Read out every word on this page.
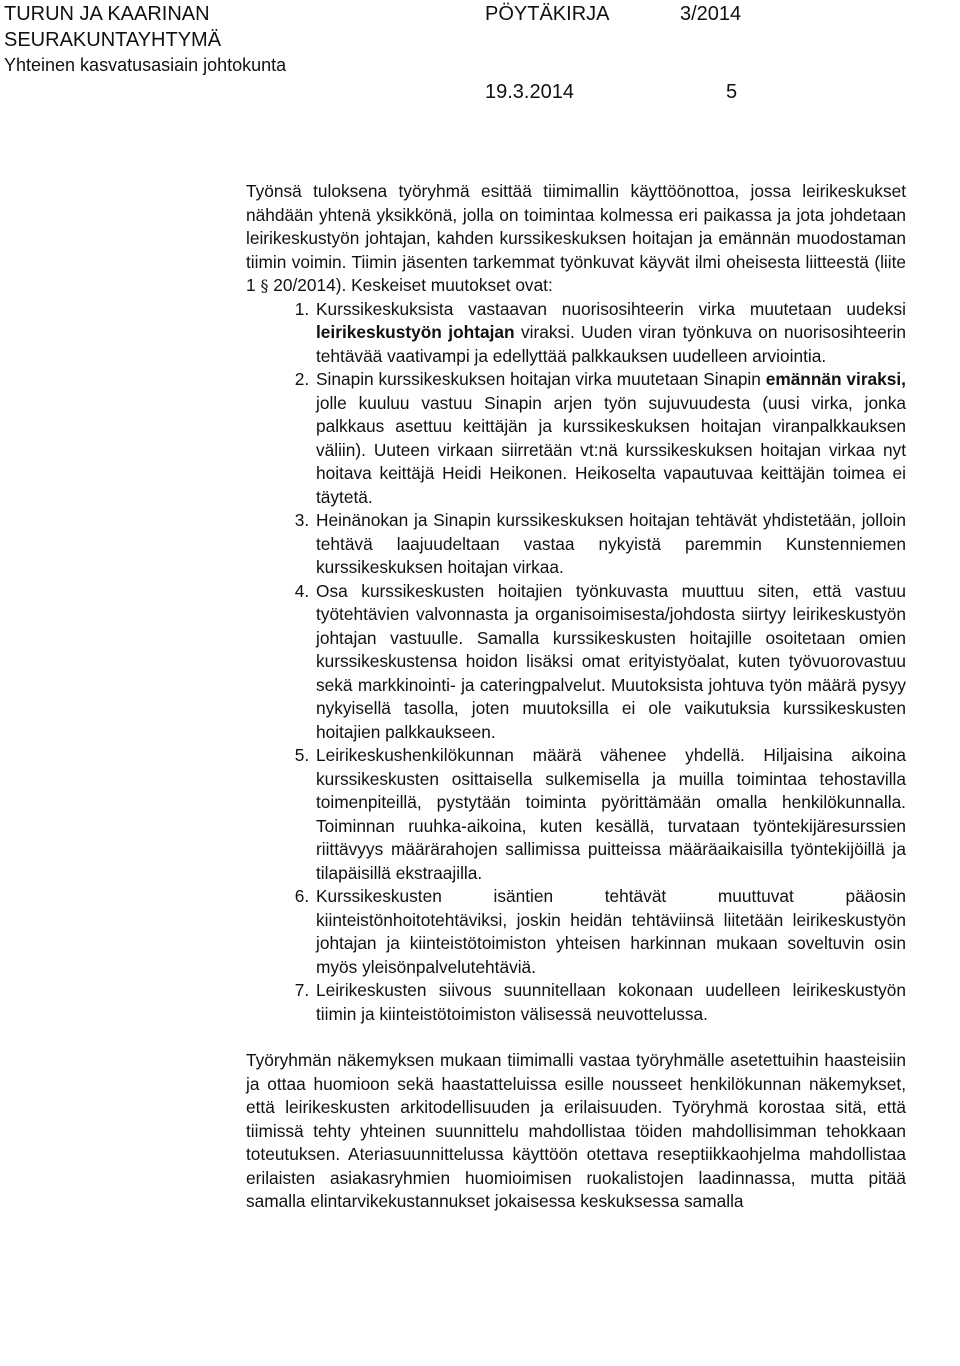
TURUN JA KAARINAN
SEURAKUNTAYHTYMÄ
Yhteinen kasvatusasiain johtokunta
PÖYTÄKIRJA	3/2014
19.3.2014	5

Työnsä tuloksena työryhmä esittää tiimimallin käyttöönottoa, jossa leirikeskukset nähdään yhtenä yksikkönä, jolla on toimintaa kolmessa eri paikassa ja jota johdetaan leirikeskustyön johtajan, kahden kurssikeskuksen hoitajan ja emännän muodostaman tiimin voimin. Tiimin jäsenten tarkemmat työnkuvat käyvät ilmi oheisesta liitteestä (liite 1 § 20/2014). Keskeiset muutokset ovat:

1. Kurssikeskuksista vastaavan nuorisosihteerin virka muutetaan uudeksi leirikeskustyön johtajan viraksi. Uuden viran työnkuva on nuorisosihteerin tehtävää vaativampi ja edellyttää palkkauksen uudelleen arviointia.
2. Sinapin kurssikeskuksen hoitajan virka muutetaan Sinapin emännän viraksi, jolle kuuluu vastuu Sinapin arjen työn sujuvuudesta (uusi virka, jonka palkkaus asettuu keittäjän ja kurssikeskuksen hoitajan viranpalkkauksen väliin). Uuteen virkaan siirretään vt:nä kurssikeskuksen hoitajan virkaa nyt hoitava keittäjä Heidi Heikonen. Heikoselta vapautuvaa keittäjän toimea ei täytetä.
3. Heinänokan ja Sinapin kurssikeskuksen hoitajan tehtävät yhdistetään, jolloin tehtävä laajuudeltaan vastaa nykyistä paremmin Kunstenniemen kurssikeskuksen hoitajan virkaa.
4. Osa kurssikeskusten hoitajien työnkuvasta muuttuu siten, että vastuu työtehtävien valvonnasta ja organisoimisesta/johdosta siirtyy leirikeskustyön johtajan vastuulle. Samalla kurssikeskusten hoitajille osoitetaan omien kurssikeskustensa hoidon lisäksi omat erityistyöalat, kuten työvuorovastuu sekä markkinointi- ja cateringpalvelut. Muutoksista johtuva työn määrä pysyy nykyisellä tasolla, joten muutoksilla ei ole vaikutuksia kurssikeskusten hoitajien palkkaukseen.
5. Leirikeskushenkilökunnan määrä vähenee yhdellä. Hiljaisina aikoina kurssikeskusten osittaisella sulkemisella ja muilla toimintaa tehostavilla toimenpiteillä, pystytään toiminta pyörittämään omalla henkilökunnalla. Toiminnan ruuhka-aikoina, kuten kesällä, turvataan työntekijäresurssien riittävyys määrärahojen sallimissa puitteissa määräaikaisilla työntekijöillä ja tilapäisillä ekstraajilla.
6. Kurssikeskusten isäntien tehtävät muuttuvat pääosin kiinteistönhoitotehtäviksi, joskin heidän tehtäviinsä liitetään leirikeskustyön johtajan ja kiinteistötoimiston yhteisen harkinnan mukaan soveltuvin osin myös yleisönpalvelutehtäviä.
7. Leirikeskusten siivous suunnitellaan kokonaan uudelleen leirikeskustyön tiimin ja kiinteistötoimiston välisessä neuvottelussa.

Työryhmän näkemyksen mukaan tiimimalli vastaa työryhmälle asetettuihin haasteisiin ja ottaa huomioon sekä haastatteluissa esille nousseet henkilökunnan näkemykset, että leirikeskusten arkitodellisuuden ja erilaisuuden. Työryhmä korostaa sitä, että tiimissä tehty yhteinen suunnittelu mahdollistaa töiden mahdollisimman tehokkaan toteutuksen. Ateriasuunnittelussa käyttöön otettava reseptiikkaohjelma mahdollistaa erilaisten asiakasryhmien huomioimisen ruokalistojen laadinnassa, mutta pitää samalla elintarvikekustannukset jokaisessa keskuksessa samalla
